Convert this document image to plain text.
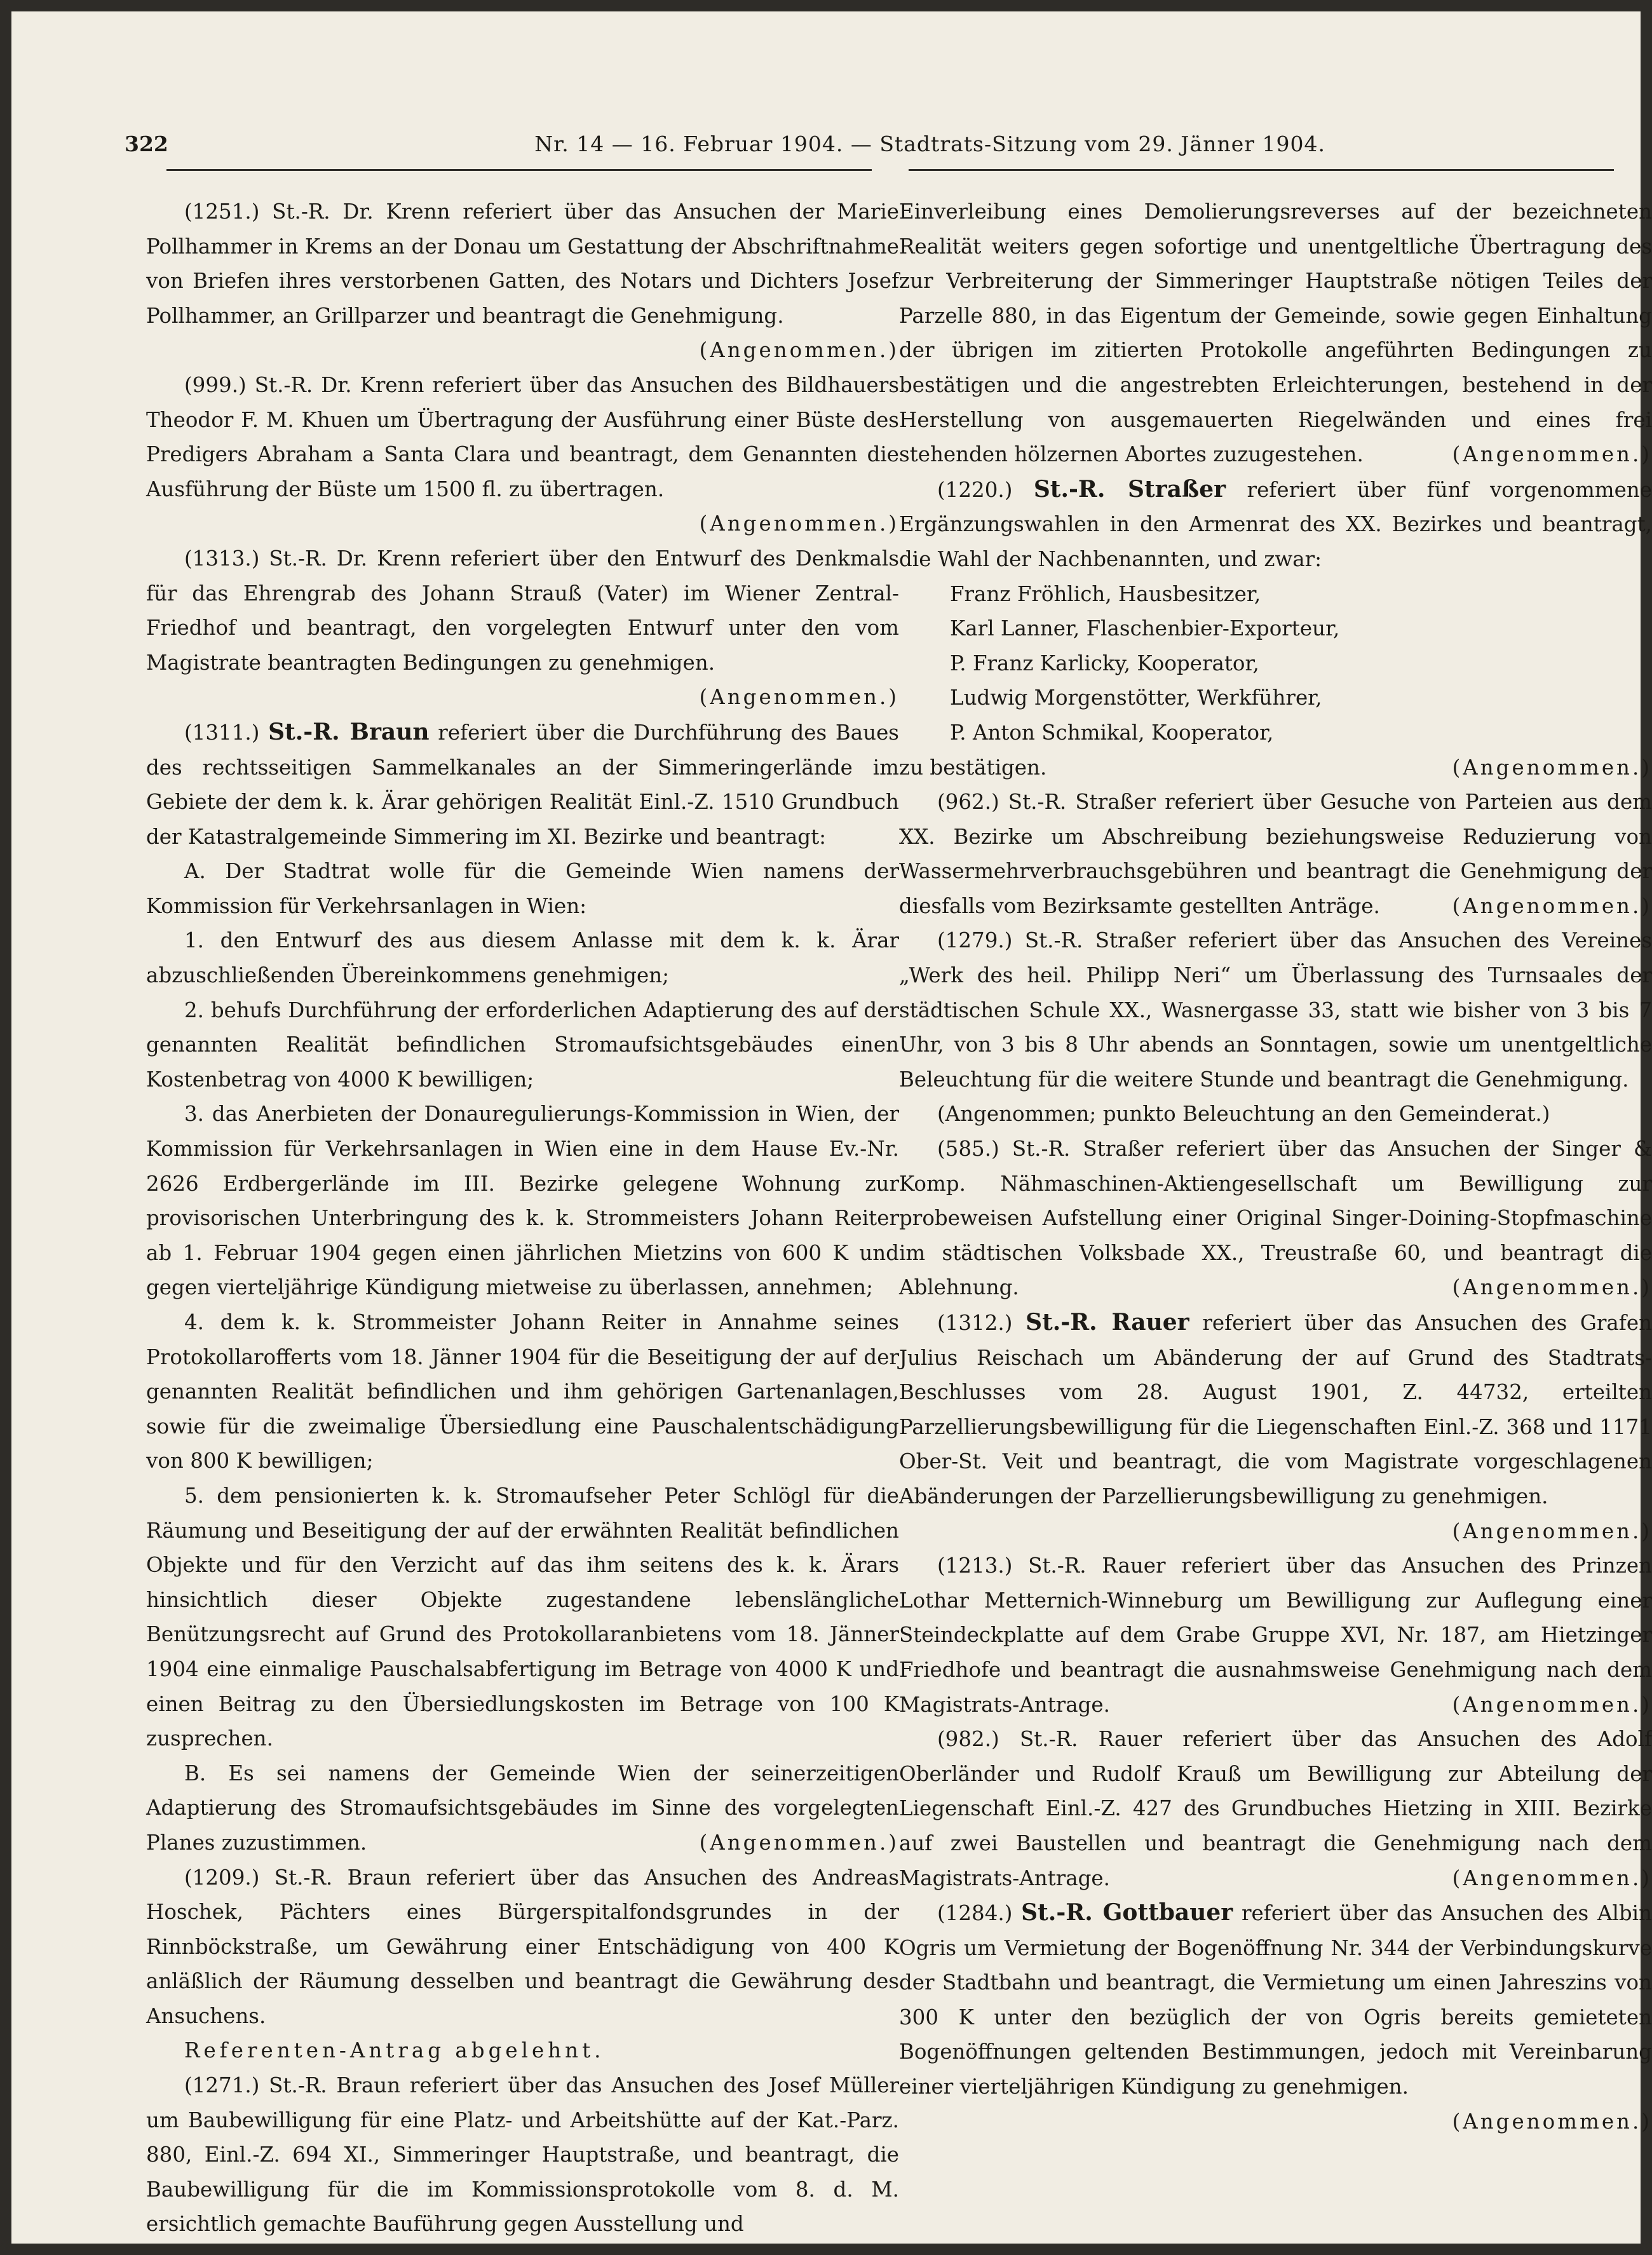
322	Nr. 14 — 16. Februar 1904. — Stadtrats-Sitzung vom 29. Jänner 1904.

(1251.) St.-R. Dr. Krenn referiert über das Ansuchen der Marie Pollhammer in Krems an der Donau um Gestattung der Abschriftnahme von Briefen ihres verstorbenen Gatten, des Notars und Dichters Josef Pollhammer, an Grillparzer und beantragt die Genehmigung.
(Angenommen.)

(999.) St.-R. Dr. Krenn referiert über das Ansuchen des Bildhauers Theodor F. M. Khuen um Übertragung der Ausführung einer Büste des Predigers Abraham a Santa Clara und beantragt, dem Genannten die Ausführung der Büste um 1500 fl. zu übertragen.
(Angenommen.)

(1313.) St.-R. Dr. Krenn referiert über den Entwurf des Denkmals für das Ehrengrab des Johann Strauß (Vater) im Wiener Zentral-Friedhof und beantragt, den vorgelegten Entwurf unter den vom Magistrate beantragten Bedingungen zu genehmigen.
(Angenommen.)

(1311.) St.-R. Braun referiert über die Durchführung des Baues des rechtsseitigen Sammelkanales an der Simmeringerlände im Gebiete der dem k. k. Ärar gehörigen Realität Einl.-Z. 1510 Grundbuch der Katastralgemeinde Simmering im XI. Bezirke und beantragt:

A. Der Stadtrat wolle für die Gemeinde Wien namens der Kommission für Verkehrsanlagen in Wien:

1. den Entwurf des aus diesem Anlasse mit dem k. k. Ärar abzuschließenden Übereinkommens genehmigen;

2. behufs Durchführung der erforderlichen Adaptierung des auf der genannten Realität befindlichen Stromaufsichtsgebäudes einen Kostenbetrag von 4000 K bewilligen;

3. das Anerbieten der Donauregulierungs-Kommission in Wien, der Kommission für Verkehrsanlagen in Wien eine in dem Hause Ev.-Nr. 2626 Erdbergerlände im III. Bezirke gelegene Wohnung zur provisorischen Unterbringung des k. k. Strommeisters Johann Reiter ab 1. Februar 1904 gegen einen jährlichen Mietzins von 600 K und gegen vierteljährige Kündigung mietweise zu überlassen, annehmen;

4. dem k. k. Strommeister Johann Reiter in Annahme seines Protokollarofferts vom 18. Jänner 1904 für die Beseitigung der auf der genannten Realität befindlichen und ihm gehörigen Gartenanlagen, sowie für die zweimalige Übersiedlung eine Pauschalentschädigung von 800 K bewilligen;

5. dem pensionierten k. k. Stromaufseher Peter Schlögl für die Räumung und Beseitigung der auf der erwähnten Realität befindlichen Objekte und für den Verzicht auf das ihm seitens des k. k. Ärars hinsichtlich dieser Objekte zugestandene lebenslängliche Benützungsrecht auf Grund des Protokollaranbietens vom 18. Jänner 1904 eine einmalige Pauschalsabfertigung im Betrage von 4000 K und einen Beitrag zu den Übersiedlungskosten im Betrage von 100 K zusprechen.

B. Es sei namens der Gemeinde Wien der seinerzeitigen Adaptierung des Stromaufsichtsgebäudes im Sinne des vorgelegten Planes zuzustimmen.	(Angenommen.)

(1209.) St.-R. Braun referiert über das Ansuchen des Andreas Hoschek, Pächters eines Bürgerspitalfondsgrundes in der Rinnböckstraße, um Gewährung einer Entschädigung von 400 K anläßlich der Räumung desselben und beantragt die Gewährung des Ansuchens.

Referenten-Antrag abgelehnt.

(1271.) St.-R. Braun referiert über das Ansuchen des Josef Müller um Baubewilligung für eine Platz- und Arbeitshütte auf der Kat.-Parz. 880, Einl.-Z. 694 XI., Simmeringer Hauptstraße, und beantragt, die Baubewilligung für die im Kommissionsprotokolle vom 8. d. M. ersichtlich gemachte Bauführung gegen Ausstellung und

Einverleibung eines Demolierungsreverses auf der bezeichneten Realität weiters gegen sofortige und unentgeltliche Übertragung des zur Verbreiterung der Simmeringer Hauptstraße nötigen Teiles der Parzelle 880, in das Eigentum der Gemeinde, sowie gegen Einhaltung der übrigen im zitierten Protokolle angeführten Bedingungen zu bestätigen und die angestrebten Erleichterungen, bestehend in der Herstellung von ausgemauerten Riegelwänden und eines frei stehenden hölzernen Abortes zuzugestehen.	(Angenommen.)

(1220.) St.-R. Straßer referiert über fünf vorgenommene Ergänzungswahlen in den Armenrat des XX. Bezirkes und beantragt, die Wahl der Nachbenannten, und zwar:

Franz Fröhlich, Hausbesitzer,

Karl Lanner, Flaschenbier-Exporteur,

P. Franz Karlicky, Kooperator,

Ludwig Morgenstötter, Werkführer,

P. Anton Schmikal, Kooperator,

zu bestätigen.	(Angenommen.)

(962.) St.-R. Straßer referiert über Gesuche von Parteien aus dem XX. Bezirke um Abschreibung beziehungsweise Reduzierung von Wassermehrverbrauchsgebühren und beantragt die Genehmigung der diesfalls vom Bezirksamte gestellten Anträge.	(Angenommen.)

(1279.) St.-R. Straßer referiert über das Ansuchen des Vereines „Werk des heil. Philipp Neri“ um Überlassung des Turnsaales der städtischen Schule XX., Wasnergasse 33, statt wie bisher von 3 bis 7 Uhr, von 3 bis 8 Uhr abends an Sonntagen, sowie um unentgeltliche Beleuchtung für die weitere Stunde und beantragt die Genehmigung.

(Angenommen; punkto Beleuchtung an den Gemeinderat.)

(585.) St.-R. Straßer referiert über das Ansuchen der Singer & Komp. Nähmaschinen-Aktiengesellschaft um Bewilligung zur probeweisen Aufstellung einer Original Singer-Doining-Stopfmaschine im städtischen Volksbade XX., Treustraße 60, und beantragt die Ablehnung.	(Angenommen.)

(1312.) St.-R. Rauer referiert über das Ansuchen des Grafen Julius Reischach um Abänderung der auf Grund des Stadtrats-Beschlusses vom 28. August 1901, Z. 44732, erteilten Parzellierungsbewilligung für die Liegenschaften Einl.-Z. 368 und 1171 Ober-St. Veit und beantragt, die vom Magistrate vorgeschlagenen Abänderungen der Parzellierungsbewilligung zu genehmigen.
(Angenommen.)

(1213.) St.-R. Rauer referiert über das Ansuchen des Prinzen Lothar Metternich-Winneburg um Bewilligung zur Auflegung einer Steindeckplatte auf dem Grabe Gruppe XVI, Nr. 187, am Hietzinger Friedhofe und beantragt die ausnahmsweise Genehmigung nach dem Magistrats-Antrage.	(Angenommen.)

(982.) St.-R. Rauer referiert über das Ansuchen des Adolf Oberländer und Rudolf Krauß um Bewilligung zur Abteilung der Liegenschaft Einl.-Z. 427 des Grundbuches Hietzing in XIII. Bezirke auf zwei Baustellen und beantragt die Genehmigung nach dem Magistrats-Antrage.	(Angenommen.)

(1284.) St.-R. Gottbauer referiert über das Ansuchen des Albin Ogris um Vermietung der Bogenöffnung Nr. 344 der Verbindungskurve der Stadtbahn und beantragt, die Vermietung um einen Jahreszins von 300 K unter den bezüglich der von Ogris bereits gemieteten Bogenöffnungen geltenden Bestimmungen, jedoch mit Vereinbarung einer vierteljährigen Kündigung zu genehmigen.
(Angenommen.)
